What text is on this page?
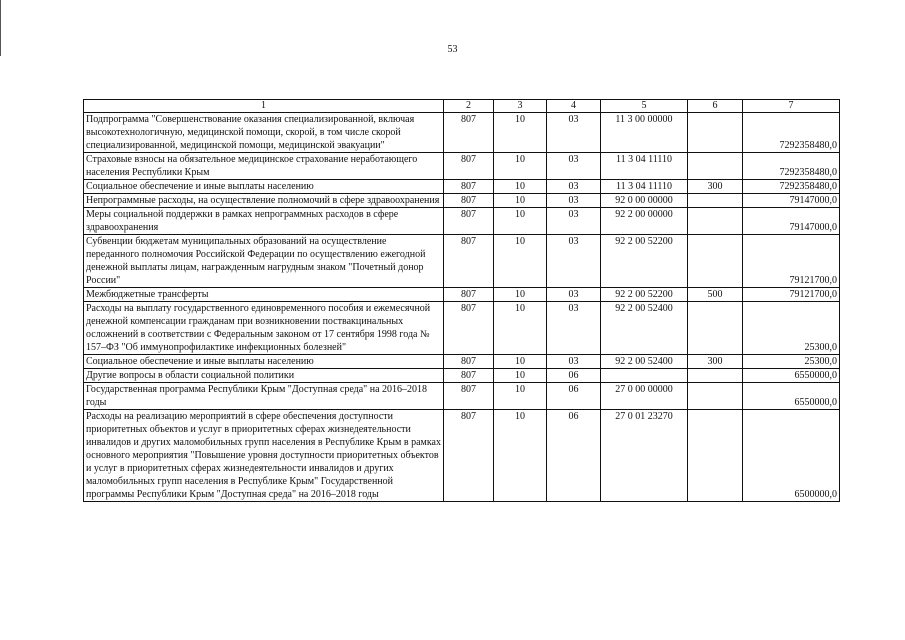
53
1	2	3	4	5	6	7
Подпрограмма "Совершенствование оказания специализированной, включая высокотехнологичную, медицинской помощи, скорой, в том числе скорой специализированной, медицинской помощи, медицинской эвакуации"	807	10	03	11 3 00 00000		7292358480,0
Страховые взносы на обязательное медицинское страхование неработающего населения Республики Крым	807	10	03	11 3 04 11110		7292358480,0
Социальное обеспечение и иные выплаты населению	807	10	03	11 3 04 11110	300	7292358480,0
Непрограммные расходы, на осуществление полномочий в сфере здравоохранения	807	10	03	92 0 00 00000		79147000,0
Меры социальной поддержки в рамках непрограммных расходов в сфере здравоохранения	807	10	03	92 2 00 00000		79147000,0
Субвенции бюджетам муниципальных образований на осуществление переданного полномочия Российской Федерации по осуществлению ежегодной денежной выплаты лицам, награжденным нагрудным знаком "Почетный донор России"	807	10	03	92 2 00 52200		79121700,0
Межбюджетные трансферты	807	10	03	92 2 00 52200	500	79121700,0
Расходы на выплату государственного единовременного пособия и ежемесячной денежной компенсации гражданам при возникновении поствакцинальных осложнений в соответствии с Федеральным законом от 17 сентября 1998 года № 157–ФЗ "Об иммунопрофилактике инфекционных болезней"	807	10	03	92 2 00 52400		25300,0
Социальное обеспечение и иные выплаты населению	807	10	03	92 2 00 52400	300	25300,0
Другие вопросы в области социальной политики	807	10	06			6550000,0
Государственная программа Республики Крым "Доступная среда" на 2016–2018 годы	807	10	06	27 0 00 00000		6550000,0
Расходы на реализацию мероприятий в сфере обеспечения доступности приоритетных объектов и услуг в приоритетных сферах жизнедеятельности инвалидов и других маломобильных групп населения в Республике Крым в рамках основного мероприятия "Повышение уровня доступности приоритетных объектов и услуг в приоритетных сферах жизнедеятельности инвалидов и других маломобильных групп населения в Республике Крым" Государственной программы Республики Крым "Доступная среда" на 2016–2018 годы	807	10	06	27 0 01 23270		6500000,0
